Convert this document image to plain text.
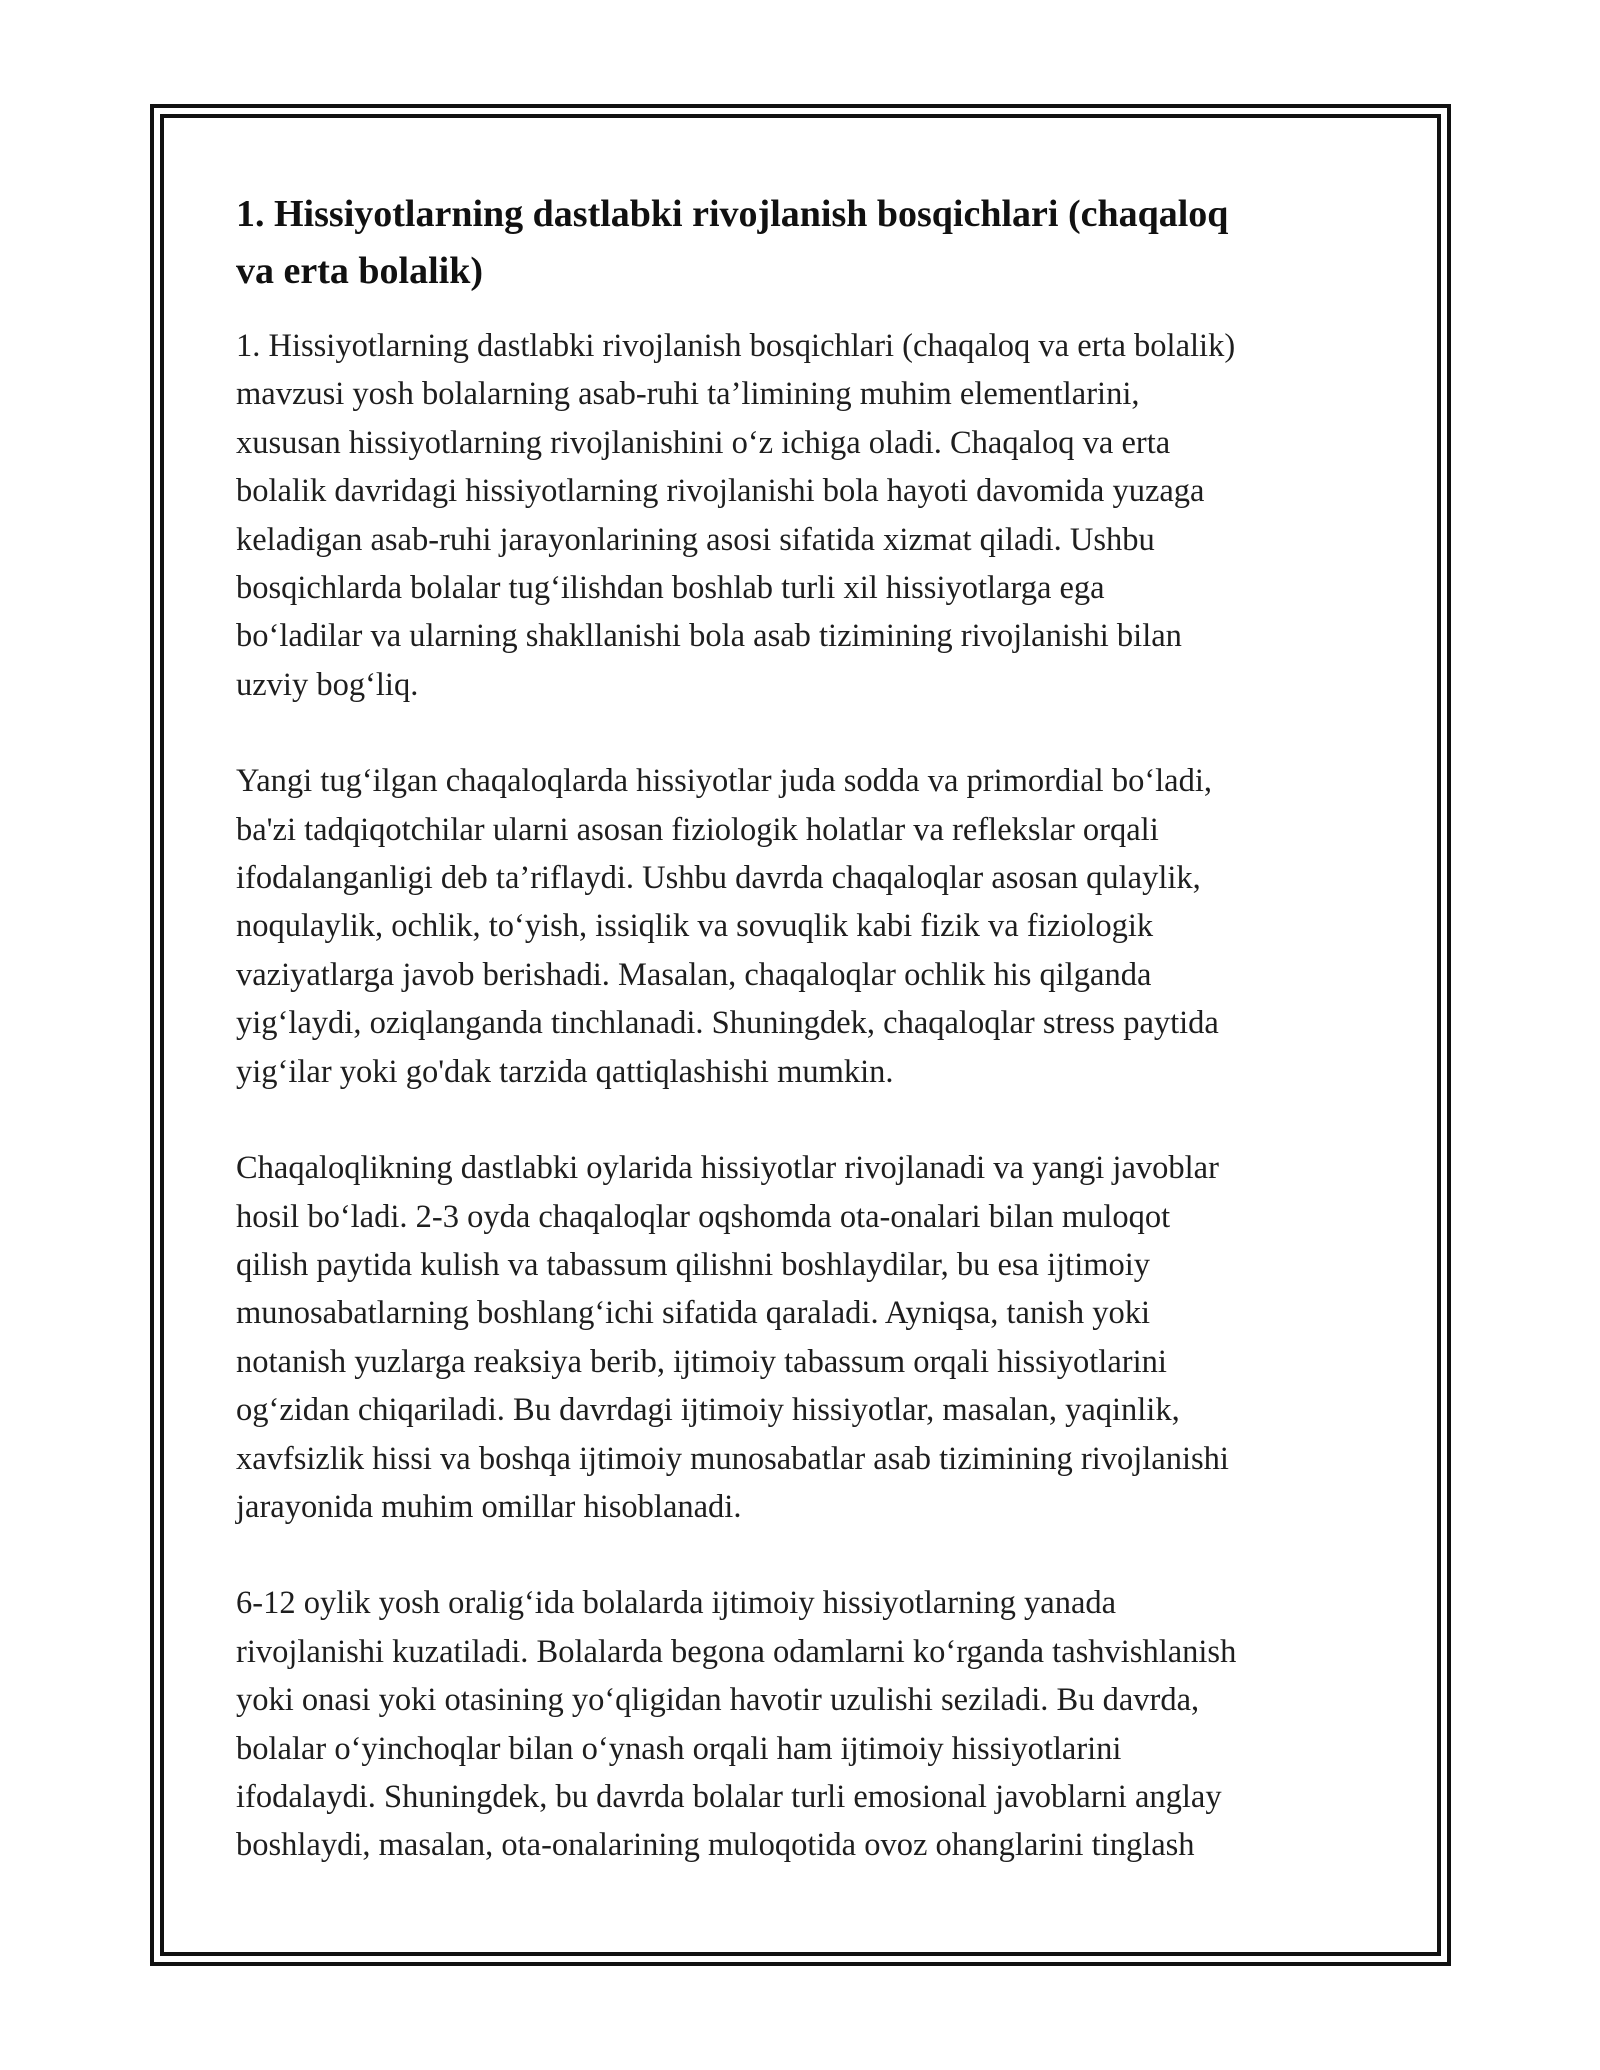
1. Hissiyotlarning dastlabki rivojlanish bosqichlari (chaqaloq
va erta bolalik)

1. Hissiyotlarning dastlabki rivojlanish bosqichlari (chaqaloq va erta bolalik)
mavzusi yosh bolalarning asab-ruhi ta’limining muhim elementlarini,
xususan hissiyotlarning rivojlanishini o‘z ichiga oladi. Chaqaloq va erta
bolalik davridagi hissiyotlarning rivojlanishi bola hayoti davomida yuzaga
keladigan asab-ruhi jarayonlarining asosi sifatida xizmat qiladi. Ushbu
bosqichlarda bolalar tug‘ilishdan boshlab turli xil hissiyotlarga ega
bo‘ladilar va ularning shakllanishi bola asab tizimining rivojlanishi bilan
uzviy bog‘liq.

Yangi tug‘ilgan chaqaloqlarda hissiyotlar juda sodda va primordial bo‘ladi,
ba'zi tadqiqotchilar ularni asosan fiziologik holatlar va reflekslar orqali
ifodalanganligi deb ta’riflaydi. Ushbu davrda chaqaloqlar asosan qulaylik,
noqulaylik, ochlik, to‘yish, issiqlik va sovuqlik kabi fizik va fiziologik
vaziyatlarga javob berishadi. Masalan, chaqaloqlar ochlik his qilganda
yig‘laydi, oziqlanganda tinchlanadi. Shuningdek, chaqaloqlar stress paytida
yig‘ilar yoki go'dak tarzida qattiqlashishi mumkin.

Chaqaloqlikning dastlabki oylarida hissiyotlar rivojlanadi va yangi javoblar
hosil bo‘ladi. 2-3 oyda chaqaloqlar oqshomda ota-onalari bilan muloqot
qilish paytida kulish va tabassum qilishni boshlaydilar, bu esa ijtimoiy
munosabatlarning boshlang‘ichi sifatida qaraladi. Ayniqsa, tanish yoki
notanish yuzlarga reaksiya berib, ijtimoiy tabassum orqali hissiyotlarini
og‘zidan chiqariladi. Bu davrdagi ijtimoiy hissiyotlar, masalan, yaqinlik,
xavfsizlik hissi va boshqa ijtimoiy munosabatlar asab tizimining rivojlanishi
jarayonida muhim omillar hisoblanadi.

6-12 oylik yosh oralig‘ida bolalarda ijtimoiy hissiyotlarning yanada
rivojlanishi kuzatiladi. Bolalarda begona odamlarni ko‘rganda tashvishlanish
yoki onasi yoki otasining yo‘qligidan havotir uzulishi seziladi. Bu davrda,
bolalar o‘yinchoqlar bilan o‘ynash orqali ham ijtimoiy hissiyotlarini
ifodalaydi. Shuningdek, bu davrda bolalar turli emosional javoblarni anglay
boshlaydi, masalan, ota-onalarining muloqotida ovoz ohanglarini tinglash
